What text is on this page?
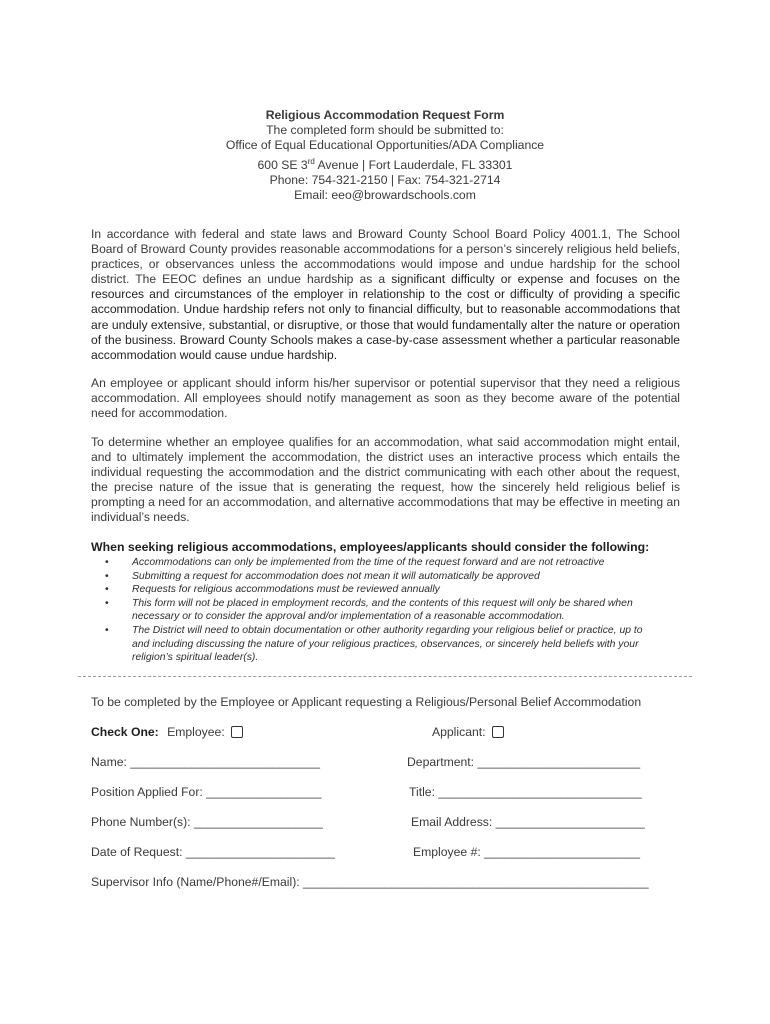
Religious Accommodation Request Form
The completed form should be submitted to:
Office of Equal Educational Opportunities/ADA Compliance
600 SE 3rd Avenue | Fort Lauderdale, FL 33301
Phone: 754-321-2150 | Fax: 754-321-2714
Email: eeo@browardschools.com
In accordance with federal and state laws and Broward County School Board Policy 4001.1, The School Board of Broward County provides reasonable accommodations for a person’s sincerely religious held beliefs, practices, or observances unless the accommodations would impose and undue hardship for the school district. The EEOC defines an undue hardship as a significant difficulty or expense and focuses on the resources and circumstances of the employer in relationship to the cost or difficulty of providing a specific accommodation. Undue hardship refers not only to financial difficulty, but to reasonable accommodations that are unduly extensive, substantial, or disruptive, or those that would fundamentally alter the nature or operation of the business. Broward County Schools makes a case-by-case assessment whether a particular reasonable accommodation would cause undue hardship.
An employee or applicant should inform his/her supervisor or potential supervisor that they need a religious accommodation. All employees should notify management as soon as they become aware of the potential need for accommodation.
To determine whether an employee qualifies for an accommodation, what said accommodation might entail, and to ultimately implement the accommodation, the district uses an interactive process which entails the individual requesting the accommodation and the district communicating with each other about the request, the precise nature of the issue that is generating the request, how the sincerely held religious belief is prompting a need for an accommodation, and alternative accommodations that may be effective in meeting an individual’s needs.
When seeking religious accommodations, employees/applicants should consider the following:
• Accommodations can only be implemented from the time of the request forward and are not retroactive
• Submitting a request for accommodation does not mean it will automatically be approved
• Requests for religious accommodations must be reviewed annually
• This form will not be placed in employment records, and the contents of this request will only be shared when necessary or to consider the approval and/or implementation of a reasonable accommodation.
• The District will need to obtain documentation or other authority regarding your religious belief or practice, up to and including discussing the nature of your religious practices, observances, or sincerely held beliefs with your religion’s spiritual leader(s).
To be completed by the Employee or Applicant requesting a Religious/Personal Belief Accommodation
Check One: Employee:	Applicant:
Name: ____________________________	Department: ________________________
Position Applied For: _________________	Title: ______________________________
Phone Number(s): ___________________	Email Address: ______________________
Date of Request: ______________________	Employee #: _______________________
Supervisor Info (Name/Phone#/Email): ___________________________________________________
